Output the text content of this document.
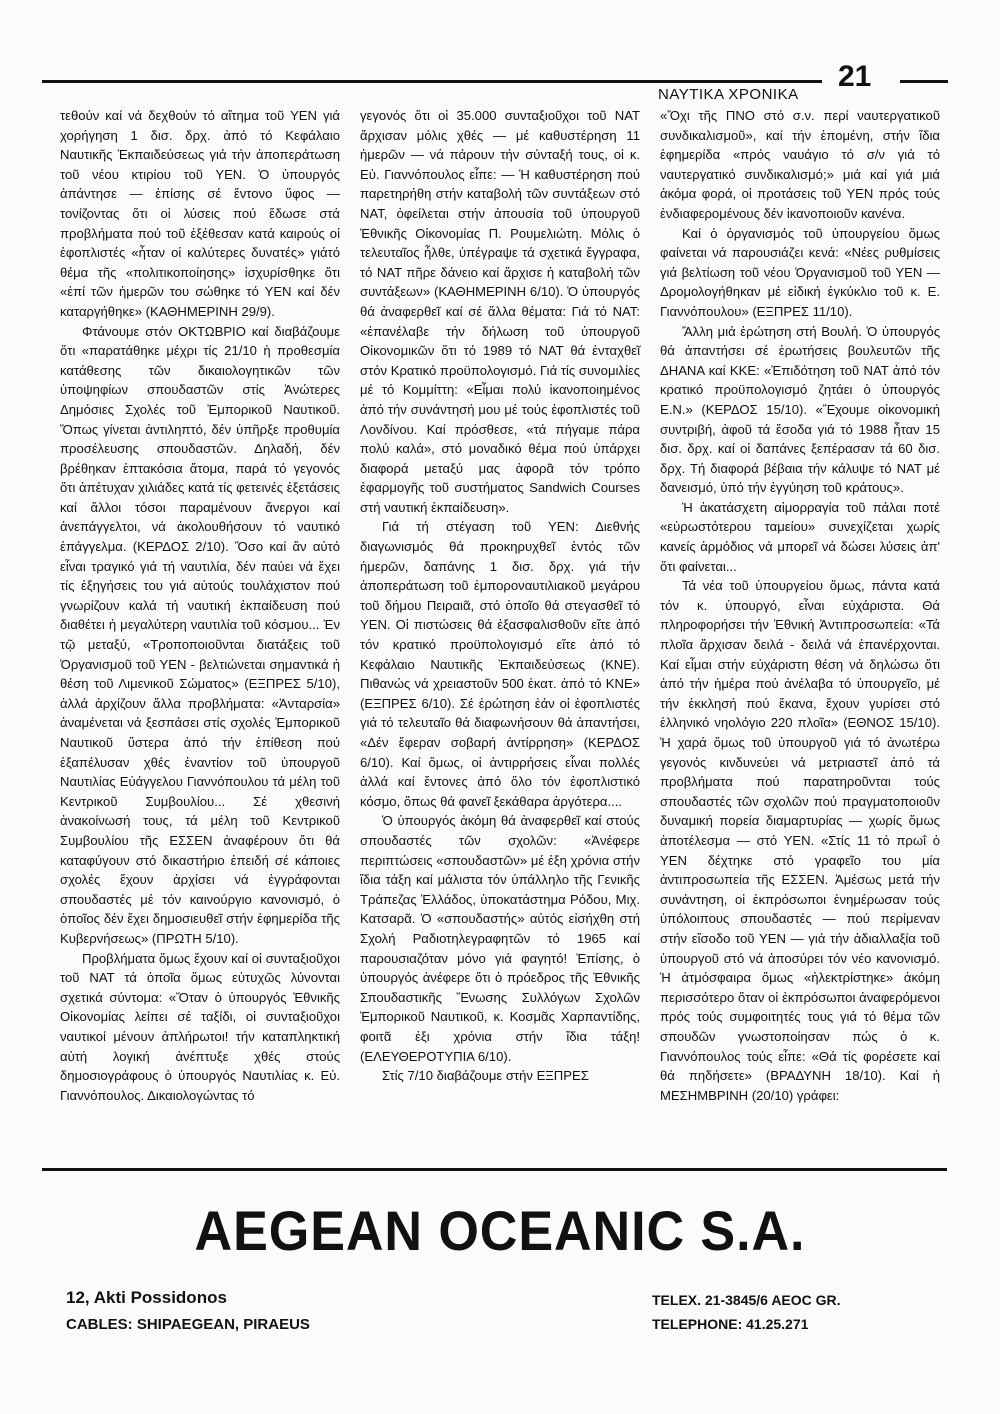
21
ΝΑΥΤΙΚΑ ΧΡΟΝΙΚΑ

τεθούν καί νά δεχθούν τό αἴτημα τοῦ ΥΕΝ γιά χορήγηση 1 δισ. δρχ. ἀπό τό Κεφάλαιο Ναυτικῆς Ἐκπαιδεύσεως γιά τήν ἀποπεράτωση τοῦ νέου κτιρίου τοῦ ΥΕΝ. Ὁ ὑπουργός ἀπάντησε — ἐπίσης σέ ἔντονο ὕφος — τονίζοντας ὅτι οἱ λύσεις πού ἔδωσε στά προβλήματα πού τοῦ ἐξέθεσαν κατά καιρούς οἱ ἐφοπλιστές «ἦταν οἱ καλύτερες δυνατές» γιάτό θέμα τῆς «πολιτικοποίησης» ἰσχυρίσθηκε ὅτι «ἐπί τῶν ἡμερῶν του σώθηκε τό ΥΕΝ καί δέν καταργήθηκε» (ΚΑΘΗΜΕΡΙΝΗ 29/9).

Φτάνουμε στόν ΟΚΤΩΒΡΙΟ καί διαβάζουμε ὅτι «παρατάθηκε μέχρι τίς 21/10 ἡ προθεσμία κατάθεσης τῶν δικαιολογητικῶν τῶν ὑποψηφίων σπουδαστῶν στίς Ἀνώτερες Δημόσιες Σχολές τοῦ Ἐμπορικοῦ Ναυτικοῦ. Ὅπως γίνεται ἀντιληπτό, δέν ὑπῆρξε προθυμία προσέλευσης σπουδαστῶν. Δηλαδή, δέν βρέθηκαν ἑπτακόσια ἄτομα, παρά τό γεγονός ὅτι ἀπέτυχαν χιλιάδες κατά τίς φετεινές ἐξετάσεις καί ἄλλοι τόσοι παραμένουν ἄνεργοι καί ἀνεπάγγελτοι, νά ἀκολουθήσουν τό ναυτικό ἐπάγγελμα. (ΚΕΡΔΟΣ 2/10). Ὅσο καί ἄν αὐτό εἶναι τραγικό γιά τή ναυτιλία, δέν παύει νά ἔχει τίς ἐξηγήσεις του γιά αὐτούς τουλάχιστον πού γνωρίζουν καλά τή ναυτική ἐκπαίδευση πού διαθέτει ἡ μεγαλύτερη ναυτιλία τοῦ κόσμου... Ἐν τῷ μεταξύ, «Τροποποιοῦνται διατάξεις τοῦ Ὀργανισμοῦ τοῦ ΥΕΝ - βελτιώνεται σημαντικά ἡ θέση τοῦ Λιμενικοῦ Σώματος» (ΕΞΠΡΕΣ 5/10), ἀλλά ἀρχίζουν ἄλλα προβλήματα: «Ἀνταρσία» ἀναμένεται νά ξεσπάσει στίς σχολές Ἐμπορικοῦ Ναυτικοῦ ὕστερα ἀπό τήν ἐπίθεση πού ἐξαπέλυσαν χθές ἐναντίον τοῦ ὑπουργοῦ Ναυτιλίας Εὐάγγελου Γιαννόπουλου τά μέλη τοῦ Κεντρικοῦ Συμβουλίου... Σέ χθεσινή ἀνακοίνωσή τους, τά μέλη τοῦ Κεντρικοῦ Συμβουλίου τῆς ΕΣΣΕΝ ἀναφέρουν ὅτι θά καταφύγουν στό δικαστήριο ἐπειδή σέ κάποιες σχολές ἔχουν ἀρχίσει νά ἐγγράφονται σπουδαστές μέ τόν καινούργιο κανονισμό, ὁ ὁποῖος δέν ἔχει δημοσιευθεῖ στήν ἐφημερίδα τῆς Κυβερνήσεως» (ΠΡΩΤΗ 5/10).

Προβλήματα ὅμως ἔχουν καί οἱ συνταξιοῦχοι τοῦ ΝΑΤ τά ὁποῖα ὅμως εὐτυχῶς λύνονται σχετικά σύντομα: «Ὅταν ὁ ὑπουργός Ἐθνικῆς Οἰκονομίας λείπει σέ ταξίδι, οἱ συνταξιοῦχοι ναυτικοί μένουν ἀπλήρωτοι! τήν καταπληκτική αὐτή λογική ἀνέπτυξε χθές στούς δημοσιογράφους ὁ ὑπουργός Ναυτιλίας κ. Εὐ. Γιαννόπουλος. Δικαιολογώντας τό

γεγονός ὅτι οἱ 35.000 συνταξιοῦχοι τοῦ ΝΑΤ ἄρχισαν μόλις χθές — μέ καθυστέρηση 11 ἡμερῶν — νά πάρουν τήν σύνταξή τους, οἱ κ. Εὐ. Γιαννόπουλος εἶπε: — Ἡ καθυστέρηση πού παρετηρήθη στήν καταβολή τῶν συντάξεων στό ΝΑΤ, ὀφείλεται στήν ἀπουσία τοῦ ὑπουργοῦ Ἐθνικῆς Οἰκονομίας Π. Ρουμελιώτη. Μόλις ὁ τελευταῖος ἦλθε, ὑπέγραψε τά σχετικά ἔγγραφα, τό ΝΑΤ πῆρε δάνειο καί ἄρχισε ἡ καταβολή τῶν συντάξεων» (ΚΑΘΗΜΕΡΙΝΗ 6/10). Ὁ ὑπουργός θά ἀναφερθεῖ καί σέ ἄλλα θέματα: Γιά τό ΝΑΤ: «ἐπανέλαβε τήν δήλωση τοῦ ὑπουργοῦ Οἰκονομικῶν ὅτι τό 1989 τό ΝΑΤ θά ἐνταχθεῖ στόν Κρατικό προϋπολογισμό. Γιά τίς συνομιλίες μέ τό Κομμίττη: «Εἶμαι πολύ ἱκανοποιημένος ἀπό τήν συνάντησή μου μέ τούς ἐφοπλιστές τοῦ Λονδίνου. Καί πρόσθεσε, «τά πήγαμε πάρα πολύ καλά», στό μοναδικό θέμα πού ὑπάρχει διαφορά μεταξύ μας ἀφορᾶ τόν τρόπο ἐφαρμογῆς τοῦ συστήματος Sandwich Courses στή ναυτική ἐκπαίδευση».

Γιά τή στέγαση τοῦ ΥΕΝ: Διεθνής διαγωνισμός θά προκηρυχθεῖ ἐντός τῶν ἡμερῶν, δαπάνης 1 δισ. δρχ. γιά τήν ἀποπεράτωση τοῦ ἐμποροναυτιλιακοῦ μεγάρου τοῦ δήμου Πειραιᾶ, στό ὁποῖο θά στεγασθεῖ τό ΥΕΝ. Οἱ πιστώσεις θά ἐξασφαλισθοῦν εἴτε ἀπό τόν κρατικό προϋπολογισμό εἴτε ἀπό τό Κεφάλαιο Ναυτικῆς Ἐκπαιδεύσεως (ΚΝΕ). Πιθανώς νά χρειαστοῦν 500 ἑκατ. ἀπό τό ΚΝΕ» (ΕΞΠΡΕΣ 6/10). Σέ ἐρώτηση ἐάν οἱ ἐφοπλιστές γιά τό τελευταῖο θά διαφωνήσουν θά ἀπαντήσει, «Δέν ἔφεραν σοβαρή ἀντίρρηση» (ΚΕΡΔΟΣ 6/10). Καί ὅμως, οἱ ἀντιρρήσεις εἶναι πολλές ἀλλά καί ἔντονες ἀπό ὅλο τόν ἐφοπλιστικό κόσμο, ὅπως θά φανεῖ ξεκάθαρα ἀργότερα....

Ὁ ὑπουργός ἀκόμη θά ἀναφερθεῖ καί στούς σπουδαστές τῶν σχολῶν: «Ἀνέφερε περιπτώσεις «σπουδαστῶν» μέ ἐξη χρόνια στήν ἴδια τάξη καί μάλιστα τόν ὑπάλληλο τῆς Γενικῆς Τράπεζας Ἑλλάδος, ὑποκατάστημα Ρόδου, Μιχ. Κατσαρᾶ. Ὁ «σπουδαστής» αὐτός εἰσήχθη στή Σχολή Ραδιοτηλεγραφητῶν τό 1965 καί παρουσιαζόταν μόνο γιά φαγητό! Ἐπίσης, ὁ ὑπουργός ἀνέφερε ὅτι ὁ πρόεδρος τῆς Ἐθνικῆς Σπουδαστικῆς Ἕνωσης Συλλόγων Σχολῶν Ἐμπορικοῦ Ναυτικοῦ, κ. Κοσμᾶς Χαρπαντίδης, φοιτᾶ ἐξι χρόνια στήν ἴδια τάξη! (ΕΛΕΥΘΕΡΟΤΥΠΙΑ 6/10).

Στίς 7/10 διαβάζουμε στήν ΕΞΠΡΕΣ

«Ὄχι τῆς ΠΝΟ στό σ.ν. περί ναυτεργατικοῦ συνδικαλισμοῦ», καί τήν ἑπομένη, στήν ἴδια ἐφημερίδα «πρός ναυάγιο τό σ/ν γιά τό ναυτεργατικό συνδικαλισμό;» μιά καί γιά μιά ἀκόμα φορά, οἱ προτάσεις τοῦ ΥΕΝ πρός τούς ἐνδιαφερομένους δέν ἱκανοποιοῦν κανένα.

Καί ὁ ὀργανισμός τοῦ ὑπουργείου ὅμως φαίνεται νά παρουσιάζει κενά: «Νέες ρυθμίσεις γιά βελτίωση τοῦ νέου Ὀργανισμοῦ τοῦ ΥΕΝ — Δρομολογήθηκαν μέ εἰδική ἐγκύκλιο τοῦ κ. Ε. Γιαννόπουλου» (ΕΞΠΡΕΣ 11/10).

Ἄλλη μιά ἐρώτηση στή Βουλή. Ὁ ὑπουργός θά ἀπαντήσει σέ ἐρωτήσεις βουλευτῶν τῆς ΔΗΑΝΑ καί ΚΚΕ: «Ἐπιδότηση τοῦ ΝΑΤ ἀπό τόν κρατικό προϋπολογισμό ζητάει ὁ ὑπουργός Ε.Ν.» (ΚΕΡΔΟΣ 15/10). «Ἔχουμε οἰκονομική συντριβή, ἀφοῦ τά ἔσοδα γιά τό 1988 ἦταν 15 δισ. δρχ. καί οἱ δαπάνες ξεπέρασαν τά 60 δισ. δρχ. Τή διαφορά βέβαια τήν κάλυψε τό ΝΑΤ μέ δανεισμό, ὑπό τήν ἐγγύηση τοῦ κράτους».

Ἡ ἀκατάσχετη αἱμορραγία τοῦ πάλαι ποτέ «εὐρωστότερου ταμείου» συνεχίζεται χωρίς κανείς ἁρμόδιος νά μπορεῖ νά δώσει λύσεις ἀπ' ὅτι φαίνεται...

Τά νέα τοῦ ὑπουργείου ὅμως, πάντα κατά τόν κ. ὑπουργό, εἶναι εὐχάριστα. Θά πληροφορήσει τήν Ἐθνική Ἀντιπροσωπεία: «Τά πλοῖα ἄρχισαν δειλά - δειλά νά ἐπανέρχονται. Καί εἶμαι στήν εὐχάριστη θέση νά δηλώσω ὅτι ἀπό τήν ἡμέρα πού ἀνέλαβα τό ὑπουργεῖο, μέ τήν ἐκκλησή πού ἔκανα, ἔχουν γυρίσει στό ἑλληνικό νηολόγιο 220 πλοῖα» (ΕΘΝΟΣ 15/10). Ἡ χαρά ὅμως τοῦ ὑπουργοῦ γιά τό ἀνωτέρω γεγονός κινδυνεύει νά μετριαστεῖ ἀπό τά προβλήματα πού παρατηροῦνται τούς σπουδαστές τῶν σχολῶν πού πραγματοποιοῦν δυναμική πορεία διαμαρτυρίας — χωρίς ὅμως ἀποτέλεσμα — στό ΥΕΝ. «Στίς 11 τό πρωΐ ὁ ΥΕΝ δέχτηκε στό γραφεῖο του μία ἀντιπροσωπεία τῆς ΕΣΣΕΝ. Ἀμέσως μετά τήν συνάντηση, οἱ ἐκπρόσωποι ἐνημέρωσαν τούς ὑπόλοιπους σπουδαστές — πού περίμεναν στήν εἴσοδο τοῦ ΥΕΝ — γιά τήν ἀδιαλλαξία τοῦ ὑπουργοῦ στό νά ἀποσύρει τόν νέο κανονισμό. Ἡ ἀτμόσφαιρα ὅμως «ἠλεκτρίστηκε» ἀκόμη περισσότερο ὅταν οἱ ἐκπρόσωποι ἀναφερόμενοι πρός τούς συμφοιτητές τους γιά τό θέμα τῶν σπουδῶν γνωστοποίησαν πώς ὁ κ. Γιαννόπουλος τούς εἶπε: «Θά τίς φορέσετε καί θά πηδήσετε» (ΒΡΑΔΥΝΗ 18/10). Καί ἡ ΜΕΣΗΜΒΡΙΝΗ (20/10) γράφει:

AEGEAN OCEANIC S.A.
12, Akti Possidonos
CABLES: SHIPAEGEAN, PIRAEUS
TELEX. 21-3845/6 AEOC GR.
TELEPHONE: 41.25.271
